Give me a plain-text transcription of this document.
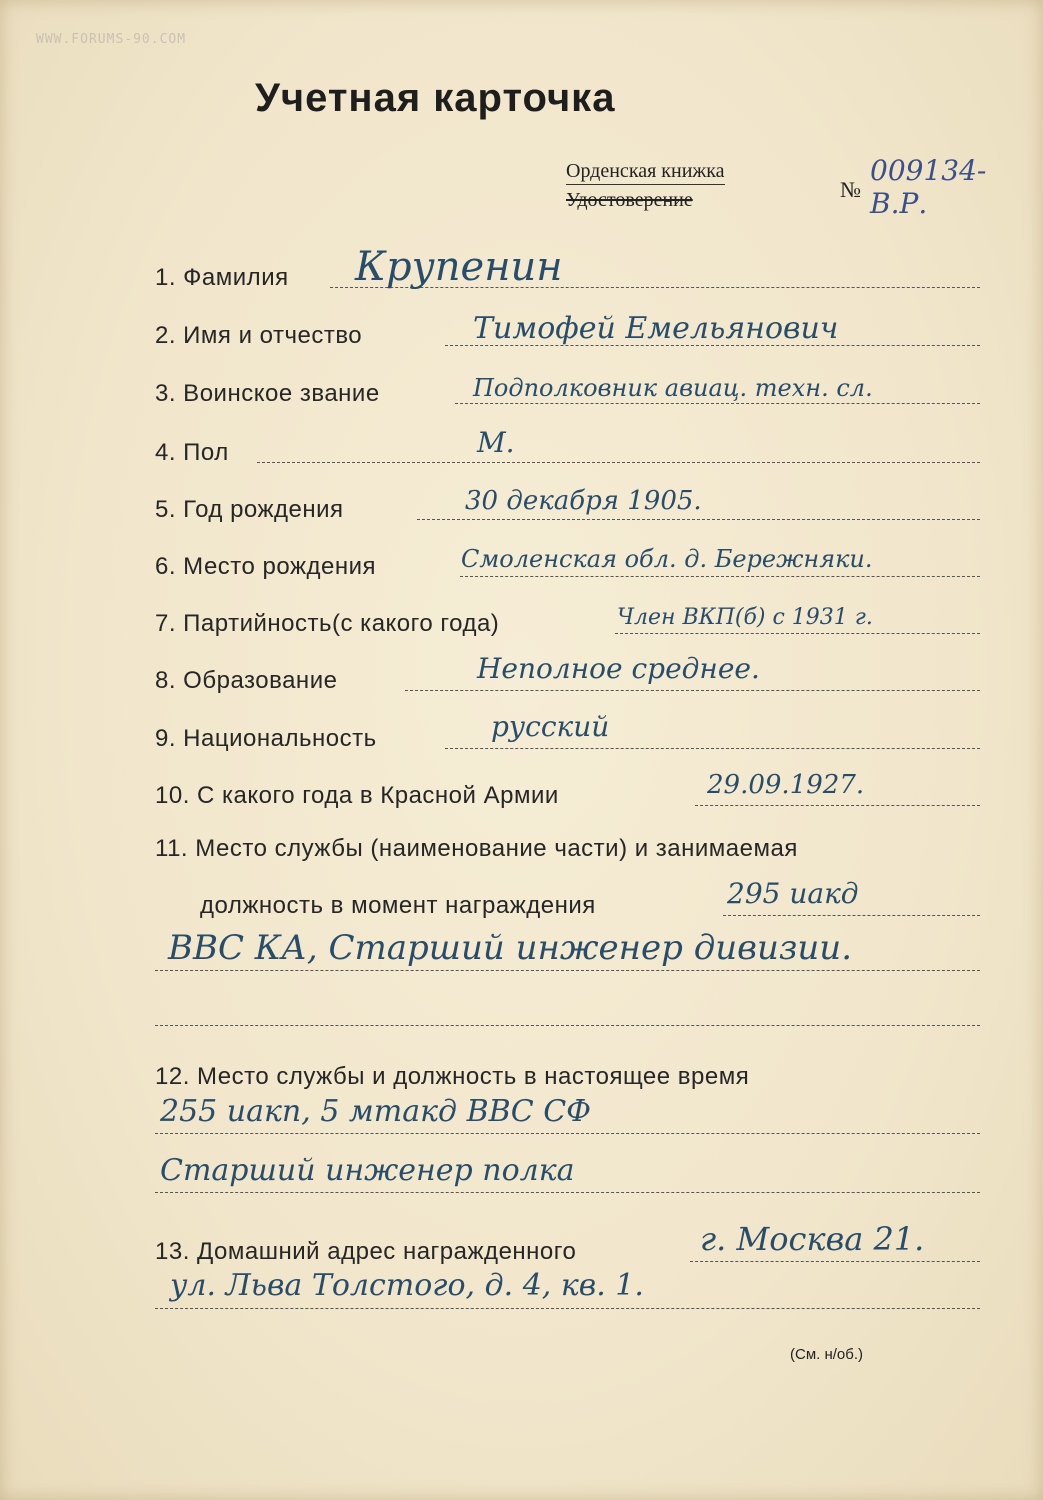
WWW.FORUMS-90.COM
Учетная карточка
Орденская книжка
Удостоверение	№
009134-В.Р.
1. Фамилия Крупенин
2. Имя и отчество	Тимофей Емельянович
3. Воинское звание	Подполковник авиац. техн. сл.
4. Пол	М.
5. Год рождения	30 декабря 1905.
6. Место рождения	Смоленская обл. д. Бережняки.
7. Партийность(с какого года)	Член ВКП(б) с 1931 г.
8. Образование	Неполное среднее.
9. Национальность	русский
10. С какого года в Красной Армии	29.09.1927.
11. Место службы (наименование части) и занимаемая
должность в момент награждения	295 иакд
ВВС КА, Старший инженер дивизии.
12. Место службы и должность в настоящее время
255 иакп, 5 мтакд ВВС СФ
Старший инженер полка
13. Домашний адрес награжденного	г. Москва 21.
ул. Льва Толстого, д. 4, кв. 1.
(См. н/об.)
